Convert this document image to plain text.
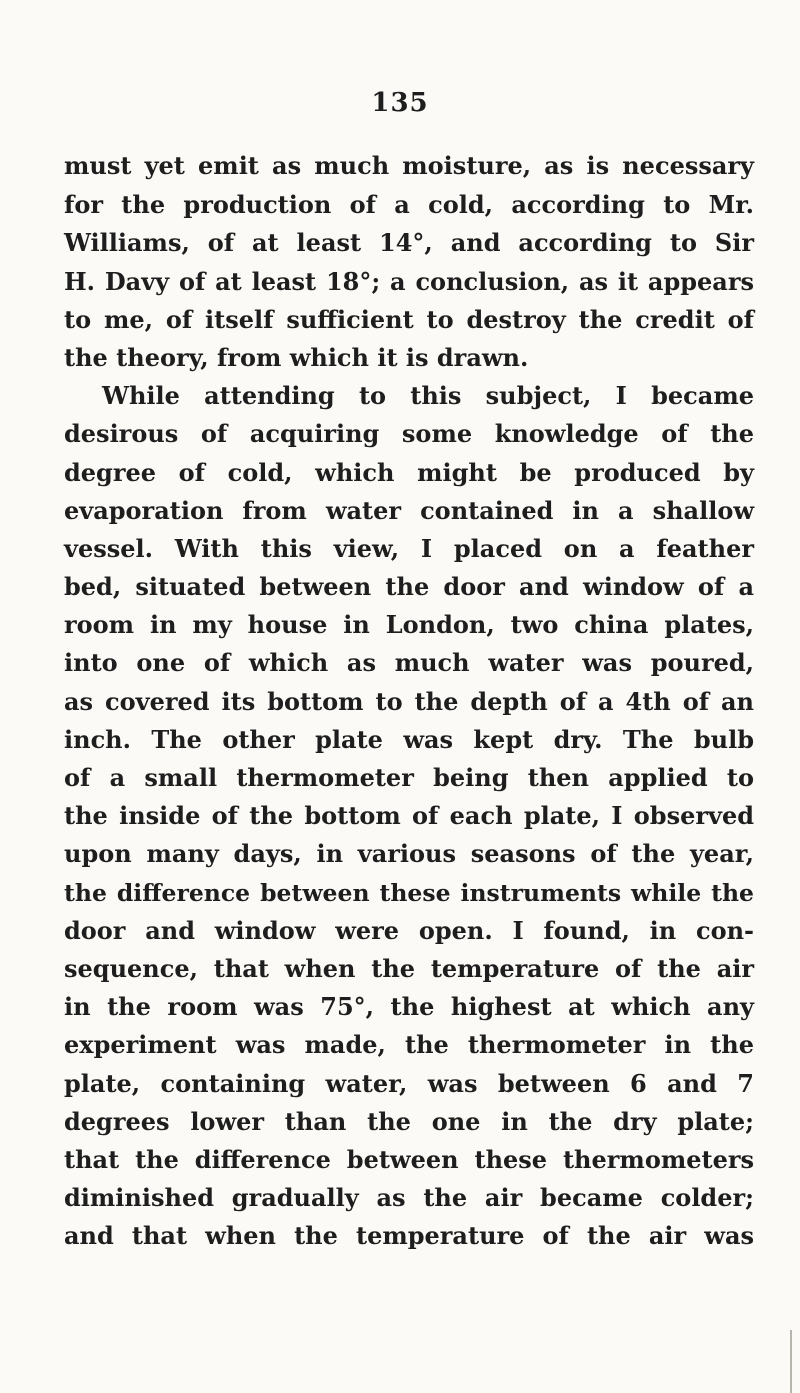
135
must yet emit as much moisture, as is necessary
for the production of a cold, according to Mr.
Williams, of at least 14°, and according to Sir
H. Davy of at least 18°; a conclusion, as it appears
to me, of itself sufficient to destroy the credit of
the theory, from which it is drawn.
While attending to this subject, I became
desirous of acquiring some knowledge of the
degree of cold, which might be produced by
evaporation from water contained in a shallow
vessel. With this view, I placed on a feather
bed, situated between the door and window of a
room in my house in London, two china plates,
into one of which as much water was poured,
as covered its bottom to the depth of a 4th of an
inch. The other plate was kept dry. The bulb
of a small thermometer being then applied to
the inside of the bottom of each plate, I observed
upon many days, in various seasons of the year,
the difference between these instruments while the
door and window were open. I found, in con-
sequence, that when the temperature of the air
in the room was 75°, the highest at which any
experiment was made, the thermometer in the
plate, containing water, was between 6 and 7
degrees lower than the one in the dry plate;
that the difference between these thermometers
diminished gradually as the air became colder;
and that when the temperature of the air was
